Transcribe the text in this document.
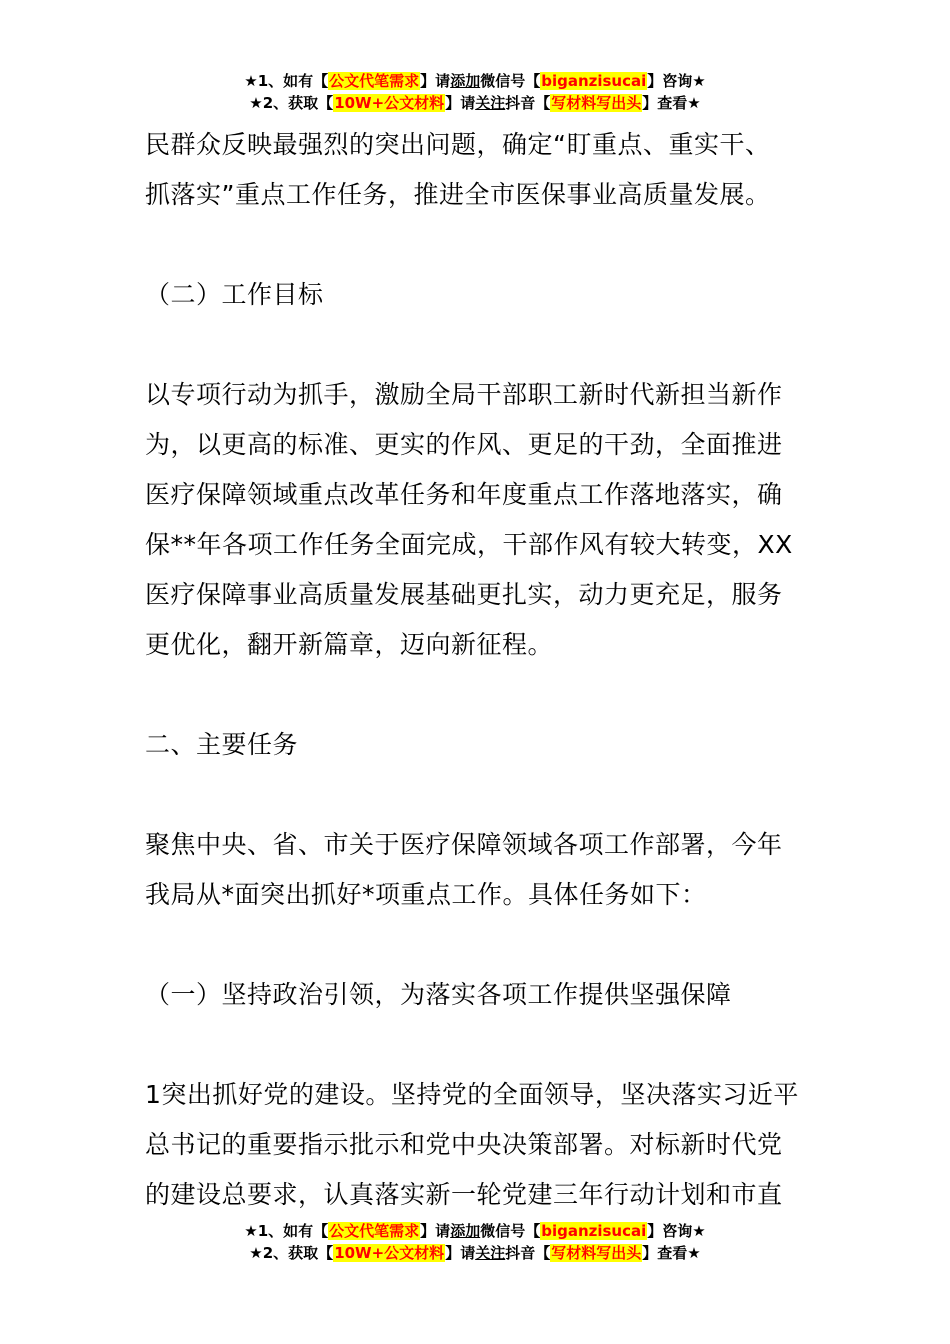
★1、如有【公文代笔需求】请添加微信号【biganzisucai】咨询★
★2、获取【10W+公文材料】请关注抖音【写材料写出头】查看★

民群众反映最强烈的突出问题，确定“盯重点、重实干、
抓落实”重点工作任务，推进全市医保事业高质量发展。

（二）工作目标

以专项行动为抓手，激励全局干部职工新时代新担当新作
为，以更高的标准、更实的作风、更足的干劲，全面推进
医疗保障领域重点改革任务和年度重点工作落地落实，确
保**年各项工作任务全面完成，干部作风有较大转变，XX
医疗保障事业高质量发展基础更扎实，动力更充足，服务
更优化，翻开新篇章，迈向新征程。

二、主要任务

聚焦中央、省、市关于医疗保障领域各项工作部署，今年
我局从*面突出抓好*项重点工作。具体任务如下：

（一）坚持政治引领，为落实各项工作提供坚强保障

1突出抓好党的建设。坚持党的全面领导，坚决落实习近平
总书记的重要指示批示和党中央决策部署。对标新时代党
的建设总要求，认真落实新一轮党建三年行动计划和市直

★1、如有【公文代笔需求】请添加微信号【biganzisucai】咨询★
★2、获取【10W+公文材料】请关注抖音【写材料写出头】查看★
